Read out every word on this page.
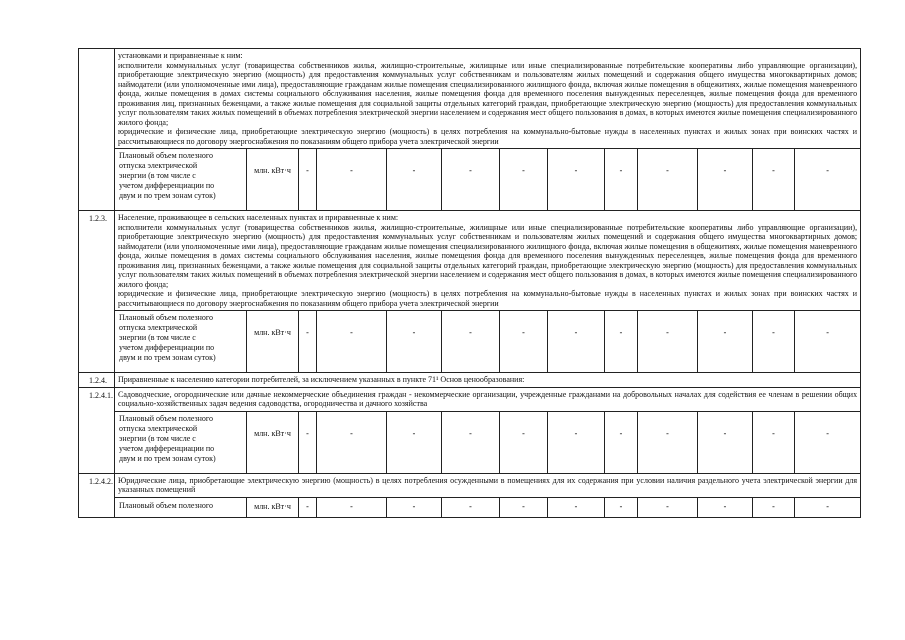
	установками и приравненные к ним:
исполнители коммунальных услуг (товарищества собственников жилья, жилищно-строительные, жилищные или иные специализированные потребительские кооперативы либо управляющие организации), приобретающие электрическую энергию (мощность) для предоставления коммунальных услуг собственникам и пользователям жилых помещений и содержания общего имущества многоквартирных домов; наймодатели (или уполномоченные ими лица), предоставляющие гражданам жилые помещения специализированного жилищного фонда, включая жилые помещения в общежитиях, жилые помещения маневренного фонда, жилые помещения в домах системы социального обслуживания населения, жилые помещения фонда для временного поселения вынужденных переселенцев, жилые помещения фонда для временного проживания лиц, признанных беженцами, а также жилые помещения для социальной защиты отдельных категорий граждан, приобретающие электрическую энергию (мощность) для предоставления коммунальных услуг пользователям таких жилых помещений в объемах потребления электрической энергии населением и содержания мест общего пользования в домах, в которых имеются жилые помещения специализированного жилого фонда;
юридические и физические лица, приобретающие электрическую энергию (мощность) в целях потребления на коммунально-бытовые нужды в населенных пунктах и жилых зонах при воинских частях и рассчитывающиеся по договору энергоснабжения по показаниям общего прибора учета электрической энергии												
	Плановый объем полезного
отпуска электрической
энергии (в том числе с
учетом дифференциации по
двум и по трем зонам суток)	млн. кВт·ч	-	-	-	-	-	-	-	-	-	-	-
1.2.3.	Население, проживающее в сельских населенных пунктах и приравненные к ним:
исполнители коммунальных услуг (товарищества собственников жилья, жилищно-строительные, жилищные или иные специализированные потребительские кооперативы либо управляющие организации), приобретающие электрическую энергию (мощность) для предоставления коммунальных услуг собственникам и пользователям жилых помещений и содержания общего имущества многоквартирных домов; наймодатели (или уполномоченные ими лица), предоставляющие гражданам жилые помещения специализированного жилищного фонда, включая жилые помещения в общежитиях, жилые помещения маневренного фонда, жилые помещения в домах системы социального обслуживания населения, жилые помещения фонда для временного поселения вынужденных переселенцев, жилые помещения фонда для временного проживания лиц, признанных беженцами, а также жилые помещения для социальной защиты отдельных категорий граждан, приобретающие электрическую энергию (мощность) для предоставления коммунальных услуг пользователям таких жилых помещений в объемах потребления электрической энергии населением и содержания мест общего пользования в домах, в которых имеются жилые помещения специализированного жилого фонда;
юридические и физические лица, приобретающие электрическую энергию (мощность) в целях потребления на коммунально-бытовые нужды в населенных пунктах и жилых зонах при воинских частях и рассчитывающиеся по договору энергоснабжения по показаниям общего прибора учета электрической энергии												
	Плановый объем полезного
отпуска электрической
энергии (в том числе с
учетом дифференциации по
двум и по трем зонам суток)	млн. кВт·ч	-	-	-	-	-	-	-	-	-	-	-
1.2.4.	Приравненные к населению категории потребителей, за исключением указанных в пункте 71¹ Основ ценообразования:												
1.2.4.1.	Садоводческие, огороднические или дачные некоммерческие объединения граждан - некоммерческие организации, учрежденные гражданами на добровольных началах для содействия ее членам в решении общих социально-хозяйственных задач ведения садоводства, огородничества и дачного хозяйства												
	Плановый объем полезного
отпуска электрической
энергии (в том числе с
учетом дифференциации по
двум и по трем зонам суток)	млн. кВт·ч	-	-	-	-	-	-	-	-	-	-	-
1.2.4.2.	Юридические лица, приобретающие электрическую энергию (мощность) в целях потребления осужденными в помещениях для их содержания при условии наличия раздельного учета электрической энергии для указанных помещений												
	Плановый объем полезного	млн. кВт·ч	-	-	-	-	-	-	-	-	-	-	-
